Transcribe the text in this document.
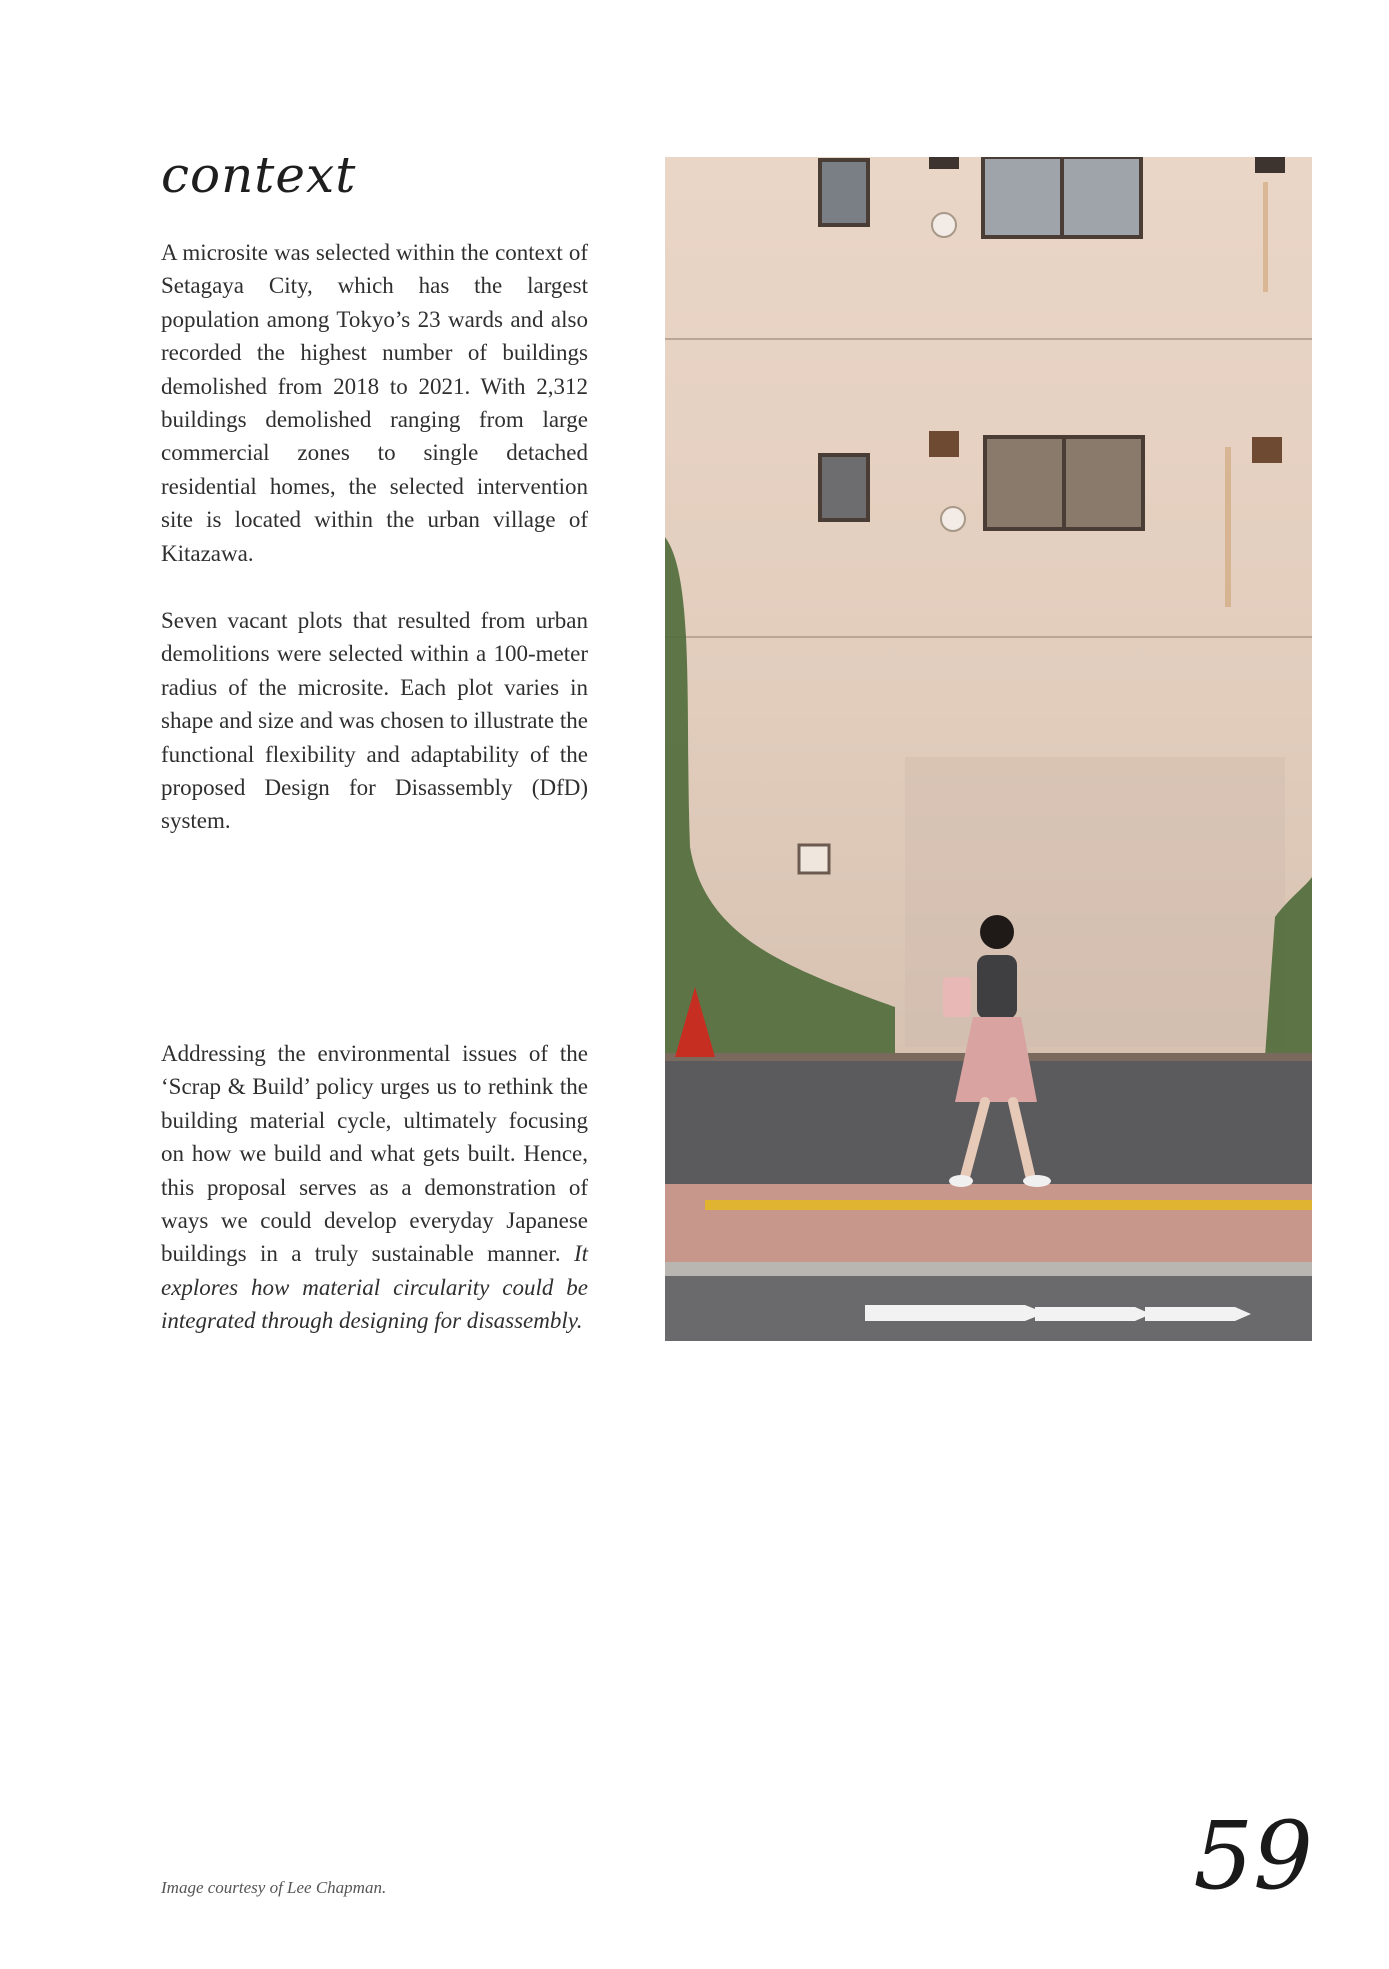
context

A microsite was selected within the context of Setagaya City, which has the largest population among Tokyo’s 23 wards and also recorded the highest number of buildings demolished from 2018 to 2021. With 2,312 buildings demolished ranging from large commercial zones to single detached residential homes, the selected intervention site is located within the urban village of Kitazawa.

Seven vacant plots that resulted from urban demolitions were selected within a 100-meter radius of the microsite. Each plot varies in shape and size and was chosen to illustrate the functional flexibility and adaptability of the proposed Design for Disassembly (DfD) system.

Addressing the environmental issues of the ‘Scrap & Build’ policy urges us to rethink the building material cycle, ultimately focusing on how we build and what gets built. Hence, this proposal serves as a demonstration of ways we could develop everyday Japanese buildings in a truly sustainable manner. It explores how material circularity could be integrated through designing for disassembly.

Image courtesy of Lee Chapman.	59
